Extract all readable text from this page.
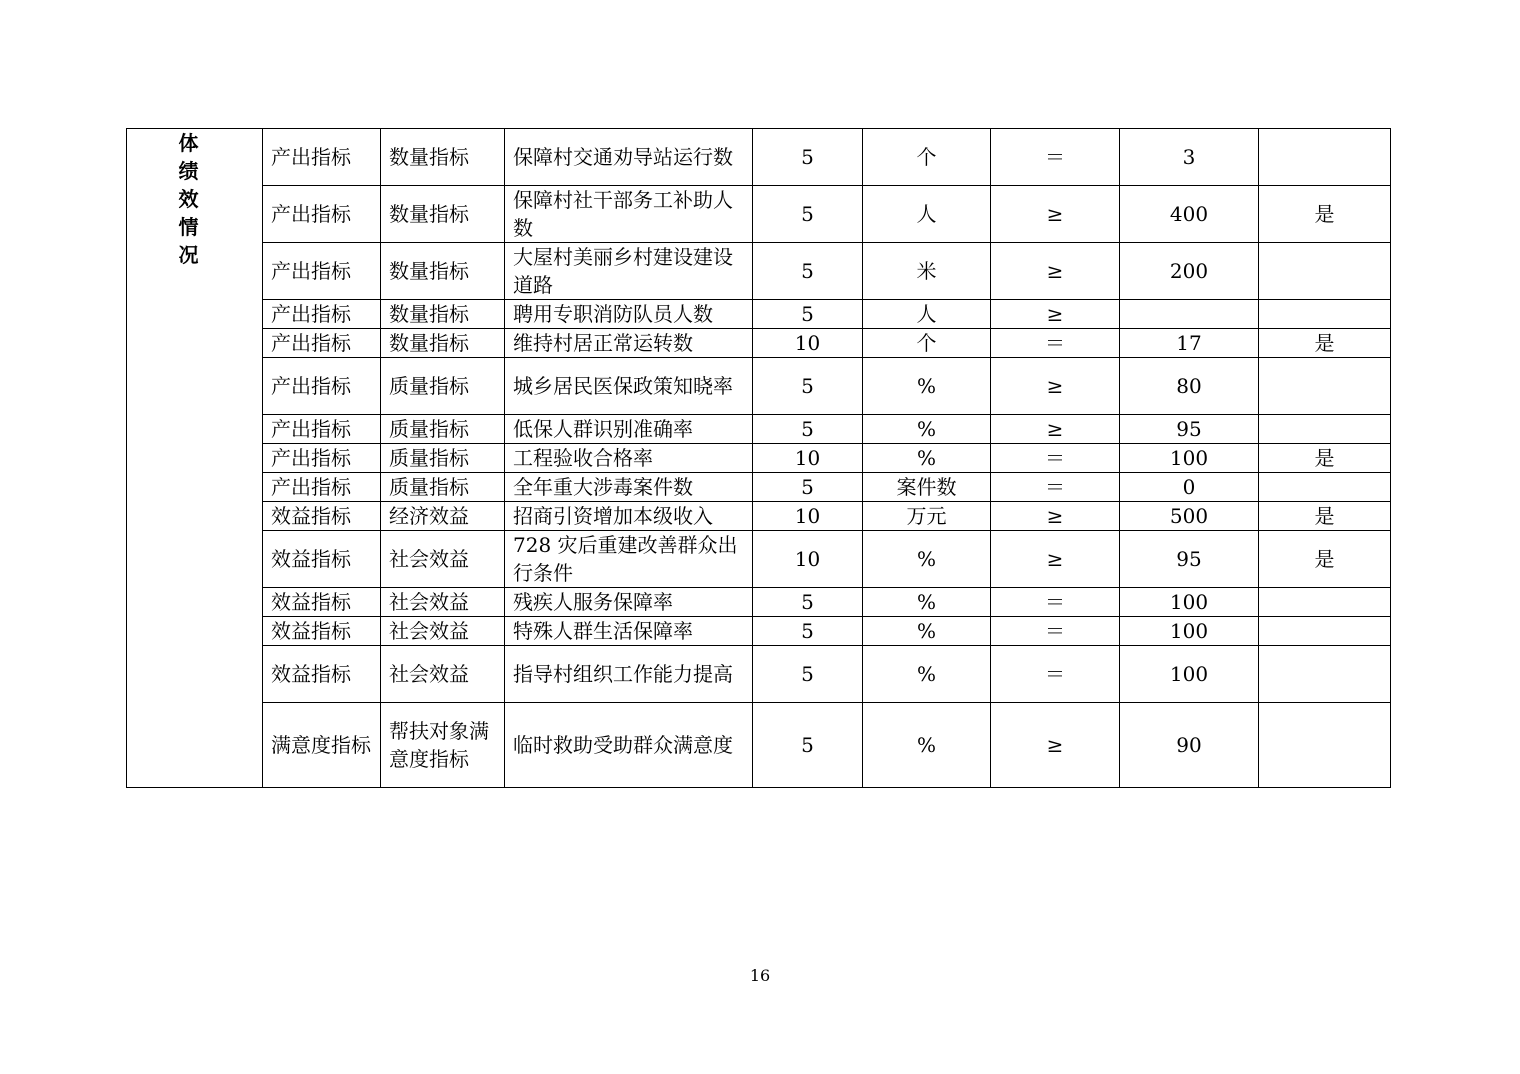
体绩效情况	产出指标	数量指标	保障村交通劝导站运行数	5	个	＝	3	
	产出指标	数量指标	保障村社干部务工补助人数	5	人	≥	400	是
	产出指标	数量指标	大屋村美丽乡村建设建设道路	5	米	≥	200	
	产出指标	数量指标	聘用专职消防队员人数	5	人	≥		
	产出指标	数量指标	维持村居正常运转数	10	个	＝	17	是
	产出指标	质量指标	城乡居民医保政策知晓率	5	%	≥	80	
	产出指标	质量指标	低保人群识别准确率	5	%	≥	95	
	产出指标	质量指标	工程验收合格率	10	%	＝	100	是
	产出指标	质量指标	全年重大涉毒案件数	5	案件数	＝	0	
	效益指标	经济效益	招商引资增加本级收入	10	万元	≥	500	是
	效益指标	社会效益	728 灾后重建改善群众出行条件	10	%	≥	95	是
	效益指标	社会效益	残疾人服务保障率	5	%	＝	100	
	效益指标	社会效益	特殊人群生活保障率	5	%	＝	100	
	效益指标	社会效益	指导村组织工作能力提高	5	%	＝	100	
	满意度指标	帮扶对象满意度指标	临时救助受助群众满意度	5	%	≥	90	
16
